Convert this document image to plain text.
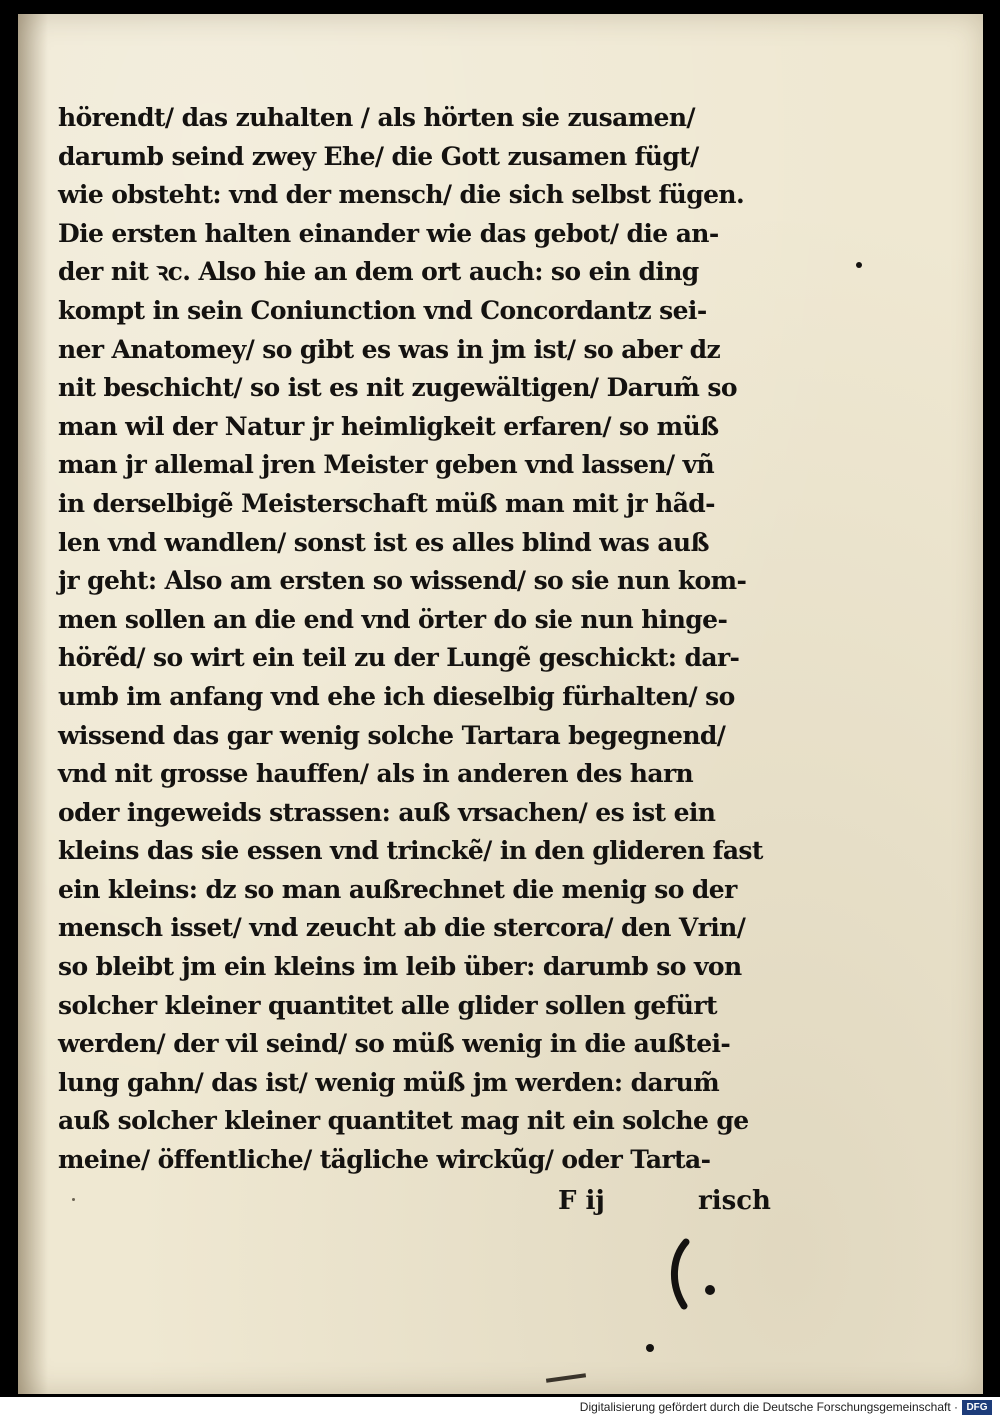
hörendt/ das zuhalten / als hörten sie zusamen/
darumb seind zwey Ehe/ die Gott zusamen fügt/
wie obsteht: vnd der mensch/ die sich selbst fügen.
Die ersten halten einander wie das gebot/ die an-
der nit ꝛc. Also hie an dem ort auch: so ein ding
kompt in sein Coniunction vnd Concordantz sei-
ner Anatomey/ so gibt es was in jm ist/ so aber dz
nit beschicht/ so ist es nit zugewältigen/ Darum̃ so
man wil der Natur jr heimligkeit erfaren/ so müß
man jr allemal jren Meister geben vnd lassen/ vñ
in derselbigẽ Meisterschaft müß man mit jr hãd-
len vnd wandlen/ sonst ist es alles blind was auß
jr geht: Also am ersten so wissend/ so sie nun kom-
men sollen an die end vnd örter do sie nun hinge-
hörẽd/ so wirt ein teil zu der Lungẽ geschickt: dar-
umb im anfang vnd ehe ich dieselbig fürhalten/ so
wissend das gar wenig solche Tartara begegnend/
vnd nit grosse hauffen/ als in anderen des harn
oder ingeweids strassen: auß vrsachen/ es ist ein
kleins das sie essen vnd trinckẽ/ in den glideren fast
ein kleins: dz so man außrechnet die menig so der
mensch isset/ vnd zeucht ab die stercora/ den Vrin/
so bleibt jm ein kleins im leib über: darumb so von
solcher kleiner quantitet alle glider sollen gefürt
werden/ der vil seind/ so müß wenig in die außtei-
lung gahn/ das ist/ wenig müß jm werden: darum̃
auß solcher kleiner quantitet mag nit ein solche ge
meine/ öffentliche/ tägliche wirckũg/ oder Tarta-
F ij	risch
Digitalisierung gefördert durch die Deutsche Forschungsgemeinschaft · DFG
